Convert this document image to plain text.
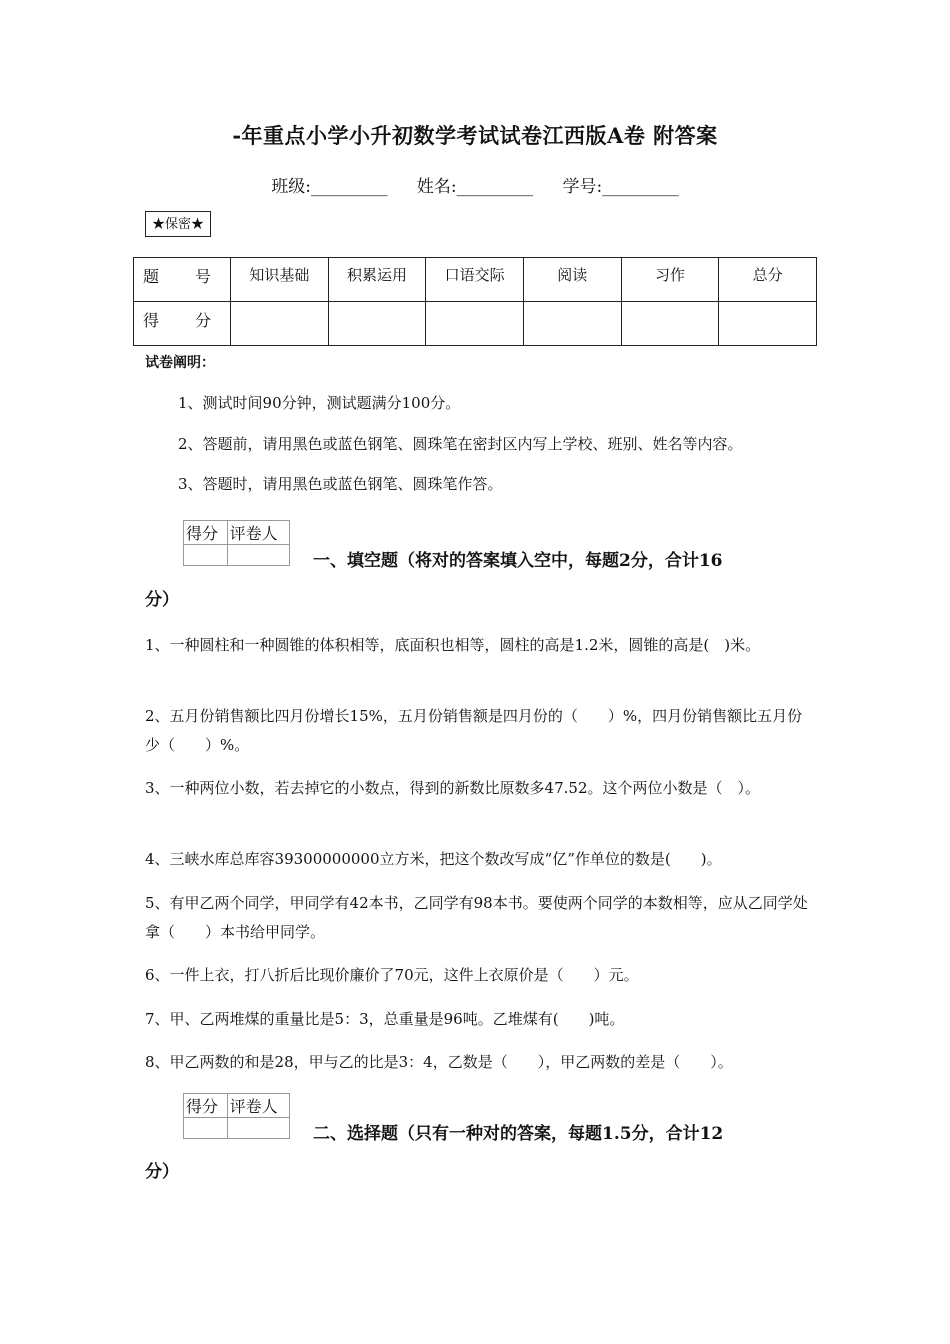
-年重点小学小升初数学考试试卷江西版A卷 附答案
班级:_________ 姓名:_________ 学号:_________
★保密★
题　号	知识基础	积累运用	口语交际	阅读	习作	总分
得　分						
试卷阐明：
1、测试时间90分钟，测试题满分100分。
2、答题前，请用黑色或蓝色钢笔、圆珠笔在密封区内写上学校、班别、姓名等内容。
3、答题时，请用黑色或蓝色钢笔、圆珠笔作答。
得分	评卷人

一、填空题（将对的答案填入空中，每题2分，合计16
分）
1、一种圆柱和一种圆锥的体积相等，底面积也相等，圆柱的高是1.2米，圆锥的高是(　)米。
2、五月份销售额比四月份增长15%，五月份销售额是四月份的（　　）%，四月份销售额比五月份少（　　）%。
3、一种两位小数，若去掉它的小数点，得到的新数比原数多47.52。这个两位小数是（　）。
4、三峡水库总库容39300000000立方米，把这个数改写成“亿”作单位的数是(　　)。
5、有甲乙两个同学，甲同学有42本书，乙同学有98本书。要使两个同学的本数相等，应从乙同学处拿（　　）本书给甲同学。
6、一件上衣，打八折后比现价廉价了70元，这件上衣原价是（　　）元。
7、甲、乙两堆煤的重量比是5：3，总重量是96吨。乙堆煤有(　　)吨。
8、甲乙两数的和是28，甲与乙的比是3：4，乙数是（　　），甲乙两数的差是（　　）。
得分	评卷人

二、选择题（只有一种对的答案，每题1.5分，合计12
分）
